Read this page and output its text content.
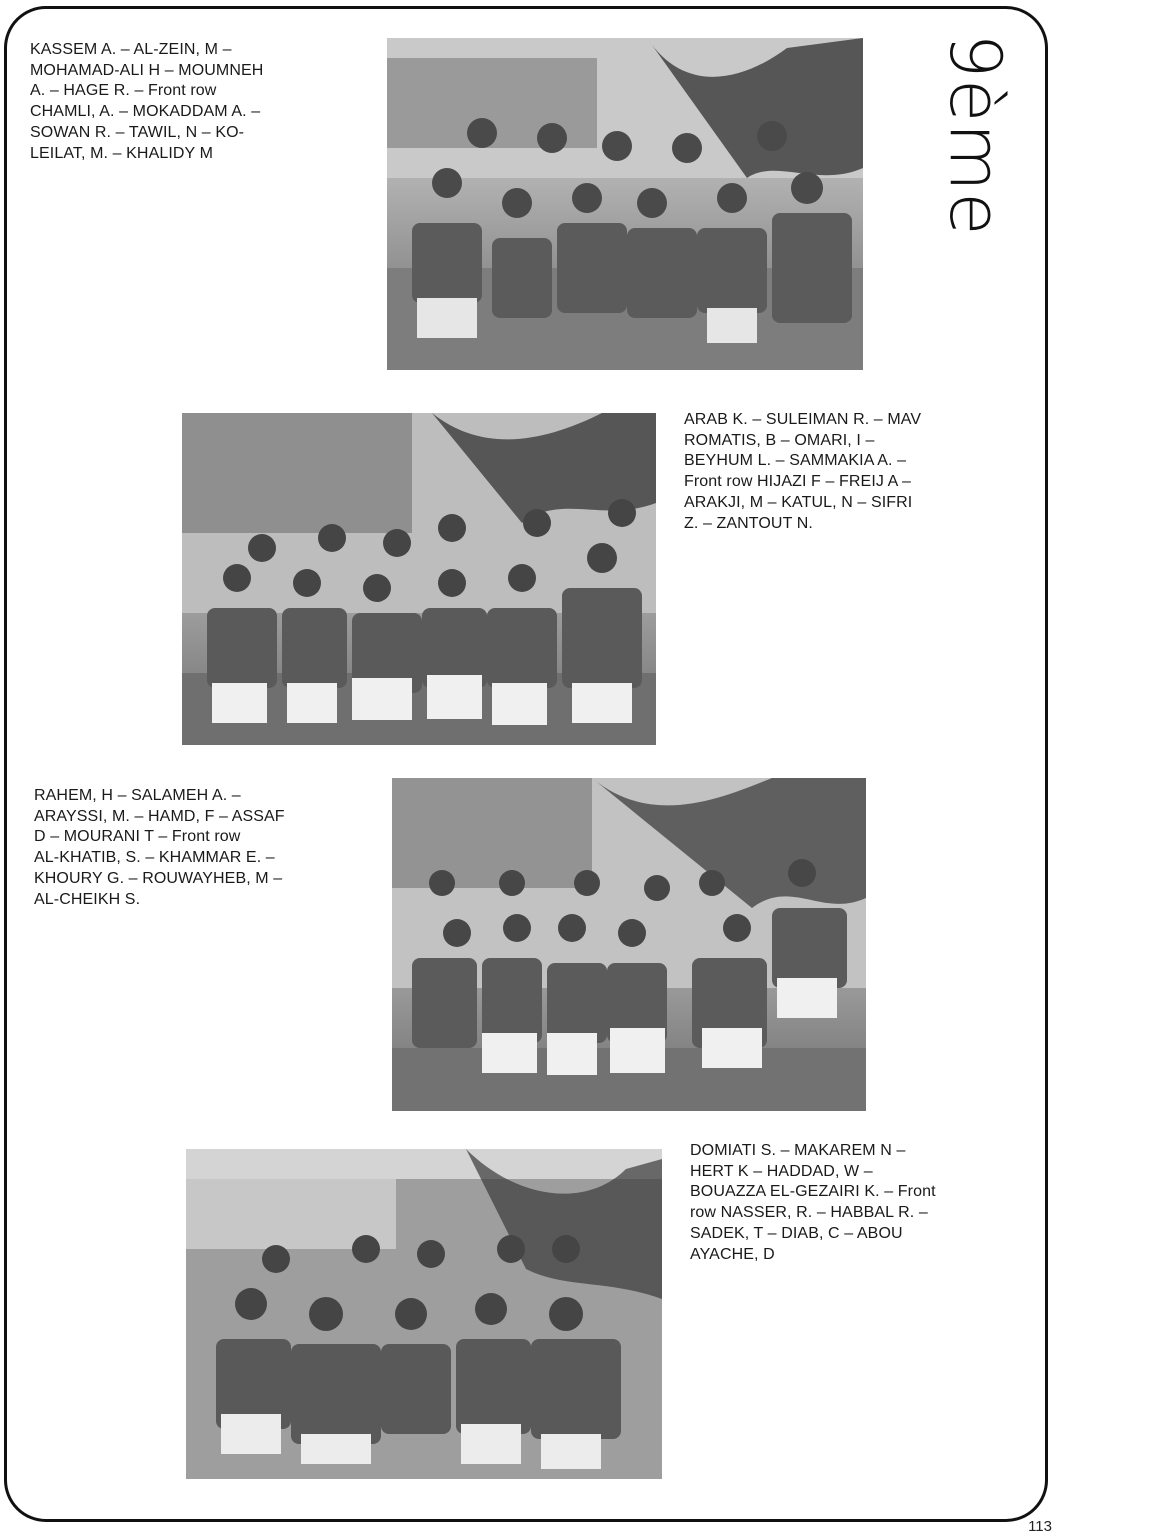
9ème

KASSEM A. – AL-ZEIN, M –

MOHAMAD-ALI H – MOUMNEH

A. – HAGE R. – Front row

CHAMLI, A. – MOKADDAM A. –

SOWAN R. – TAWIL, N – KO-

LEILAT, M. – KHALIDY M

ARAB K. – SULEIMAN R. – MAV

ROMATIS, B – OMARI, I –

BEYHUM L. – SAMMAKIA A. –

Front row HIJAZI F – FREIJ A –

ARAKJI, M – KATUL, N – SIFRI

Z. – ZANTOUT N.

RAHEM, H – SALAMEH A. –

ARAYSSI, M. – HAMD, F – ASSAF

D – MOURANI T – Front row

AL-KHATIB, S. – KHAMMAR E. –

KHOURY G. – ROUWAYHEB, M –

AL-CHEIKH S.

DOMIATI S. – MAKAREM N –

HERT K – HADDAD, W –

BOUAZZA EL-GEZAIRI K. – Front

row NASSER, R. – HABBAL R. –

SADEK, T – DIAB, C – ABOU

AYACHE, D

113
